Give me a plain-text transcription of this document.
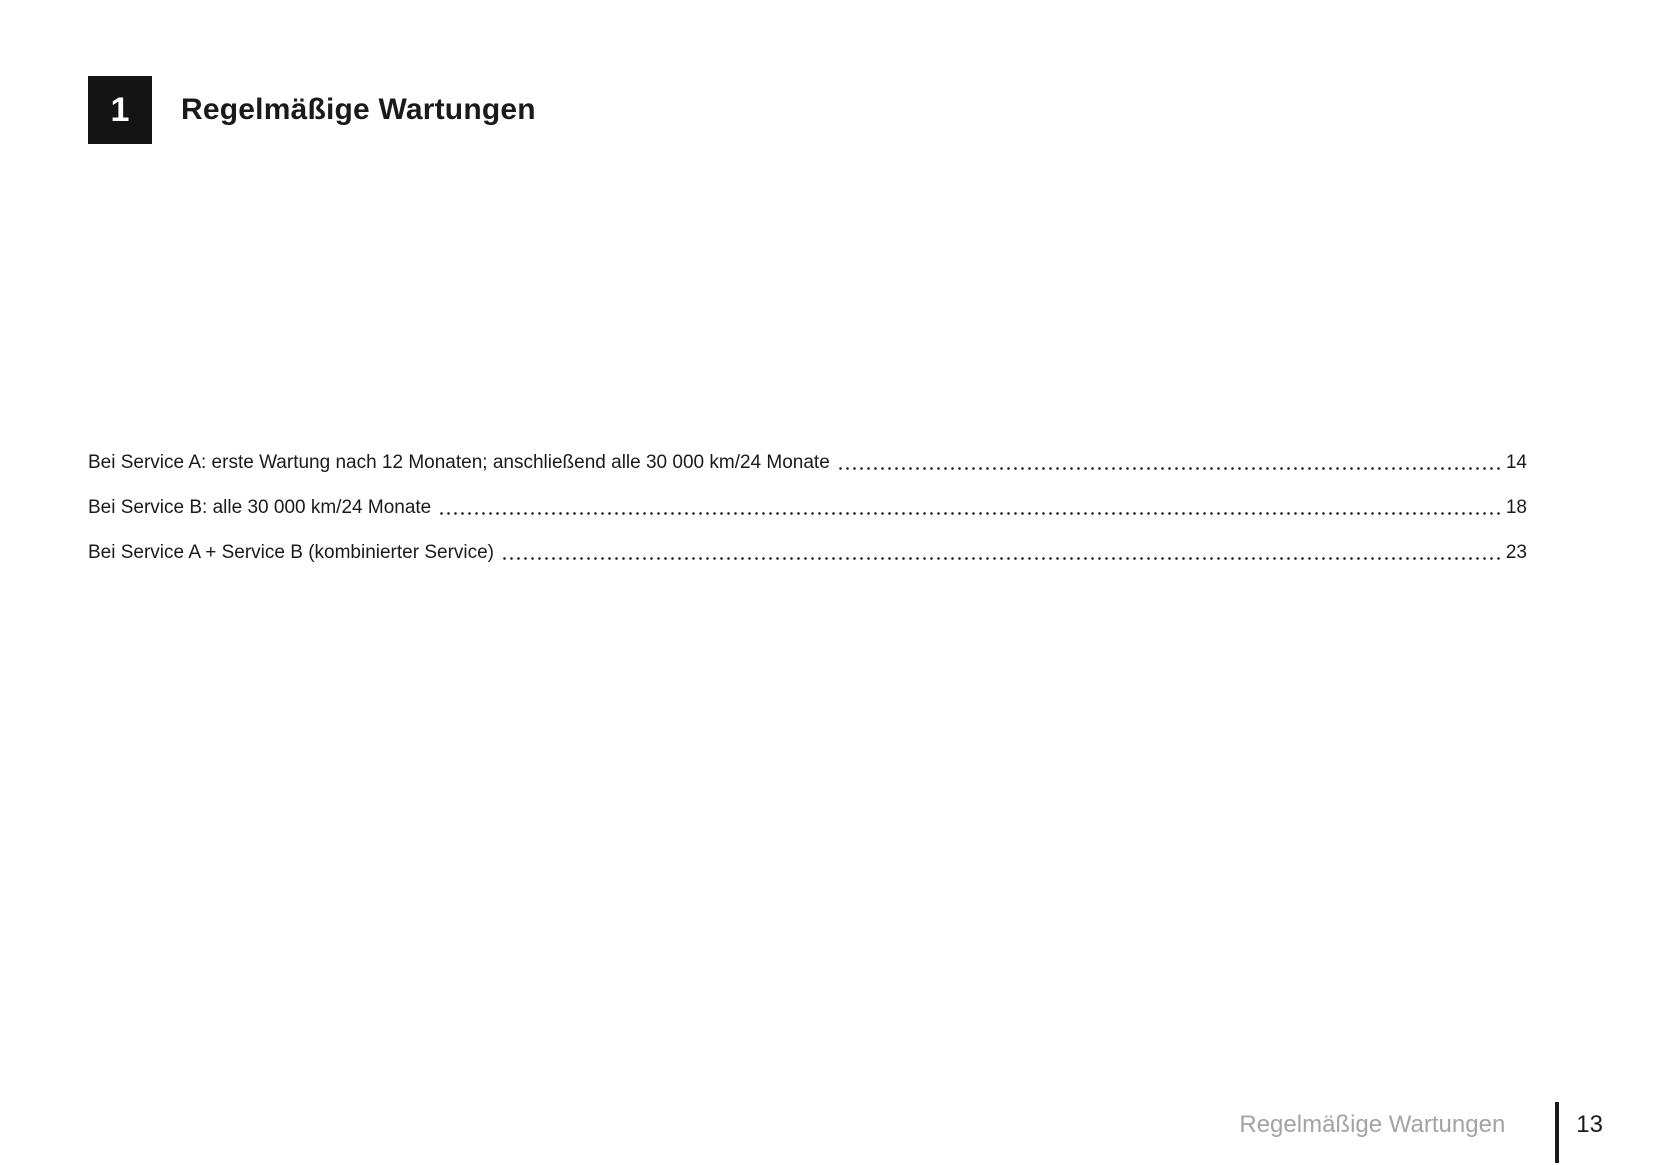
1 Regelmäßige Wartungen
Bei Service A: erste Wartung nach 12 Monaten; anschließend alle 30 000 km/24 Monate	14
Bei Service B: alle 30 000 km/24 Monate	18
Bei Service A + Service B (kombinierter Service)	23
Regelmäßige Wartungen	13
